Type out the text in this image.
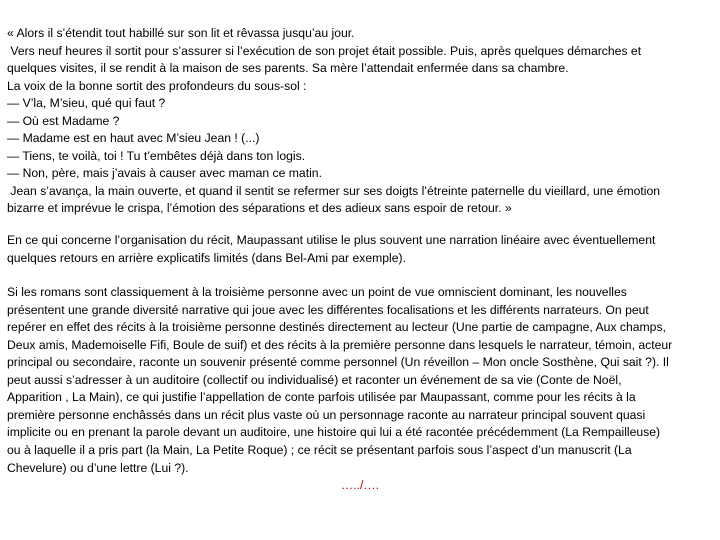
« Alors il s’étendit tout habillé sur son lit et rêvassa jusqu’au jour.
Vers neuf heures il sortit pour s’assurer si l’exécution de son projet était possible. Puis, après quelques démarches et
quelques visites, il se rendit à la maison de ses parents. Sa mère l’attendait enfermée dans sa chambre.
La voix de la bonne sortit des profondeurs du sous-sol :
— V’la, M’sieu, qué qui faut ?
— Où est Madame ?
— Madame est en haut avec M’sieu Jean ! (...)
— Tiens, te voilà, toi ! Tu t’embêtes déjà dans ton logis.
— Non, père, mais j’avais à causer avec maman ce matin.
Jean s’avança, la main ouverte, et quand il sentit se refermer sur ses doigts l’étreinte paternelle du vieillard, une émotion
bizarre et imprévue le crispa, l’émotion des séparations et des adieux sans espoir de retour. »
En ce qui concerne l’organisation du récit, Maupassant utilise le plus souvent une narration linéaire avec éventuellement
quelques retours en arrière explicatifs limités (dans Bel-Ami par exemple).
Si les romans sont classiquement à la troisième personne avec un point de vue omniscient dominant, les nouvelles
présentent une grande diversité narrative qui joue avec les différentes focalisations et les différents narrateurs. On peut
repérer en effet des récits à la troisième personne destinés directement au lecteur (Une partie de campagne, Aux champs,
Deux amis, Mademoiselle Fifi, Boule de suif) et des récits à la première personne dans lesquels le narrateur, témoin, acteur
principal ou secondaire, raconte un souvenir présenté comme personnel (Un réveillon – Mon oncle Sosthène, Qui sait ?). Il
peut aussi s’adresser à un auditoire (collectif ou individualisé) et raconter un événement de sa vie (Conte de Noël,
Apparition , La Main), ce qui justifie l’appellation de conte parfois utilisée par Maupassant, comme pour les récits à la
première personne enchâssés dans un récit plus vaste où un personnage raconte au narrateur principal souvent quasi
implicite ou en prenant la parole devant un auditoire, une histoire qui lui a été racontée précédemment (La Rempailleuse)
ou à laquelle il a pris part (la Main, La Petite Roque) ; ce récit se présentant parfois sous l’aspect d’un manuscrit (La
Chevelure) ou d’une lettre (Lui ?).
…../….
